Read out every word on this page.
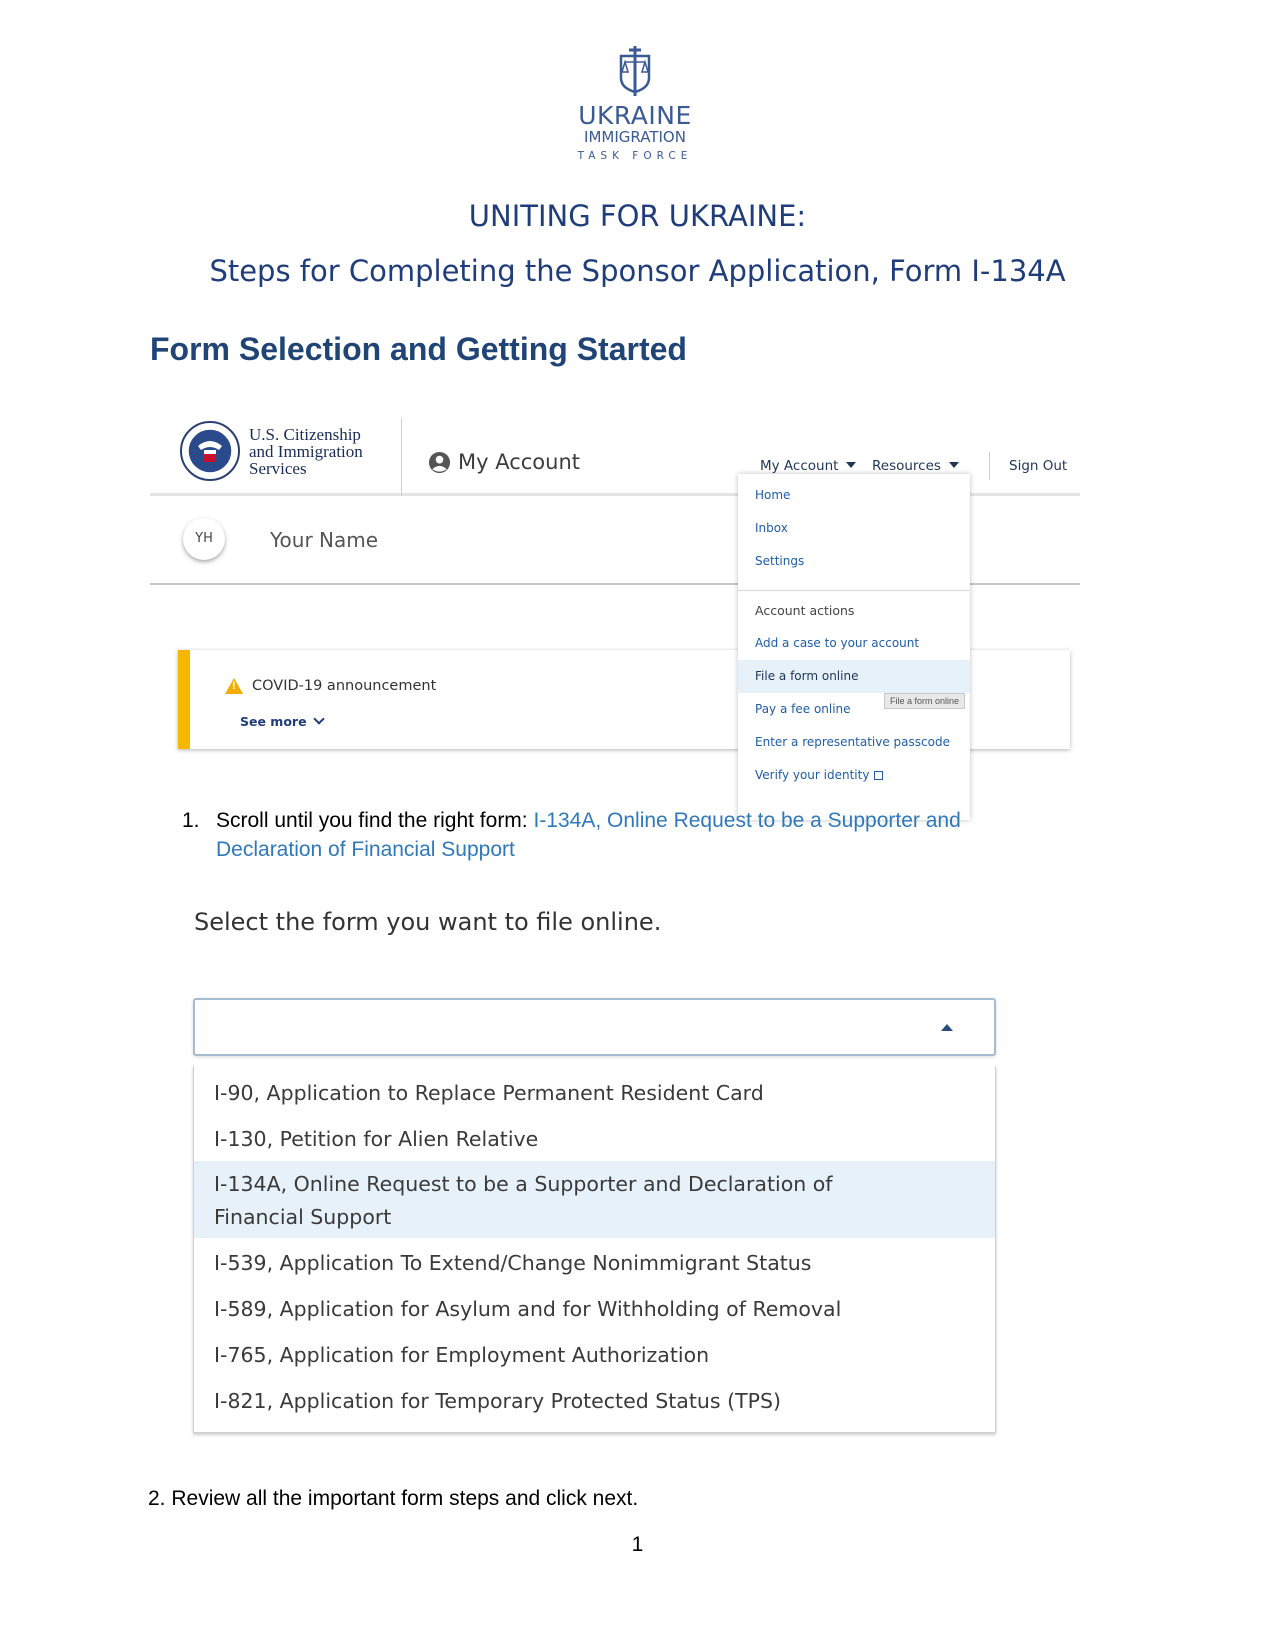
UKRAINE
IMMIGRATION
TASK FORCE
UNITING FOR UKRAINE:
Steps for Completing the Sponsor Application, Form I-134A
Form Selection and Getting Started
U.S. Citizenship
and Immigration
Services	My Account	My Account	Resources	Sign Out
YH	Your Name
!
COVID-19 announcement
See more
Home
Inbox
Settings
Account actions
Add a case to your account
File a form online
Pay a fee online
File a form online
Enter a representative passcode
Verify your identity
1. Scroll until you find the right form: I-134A, Online Request to be a Supporter and Declaration of Financial Support
Select the form you want to file online.
I-90, Application to Replace Permanent Resident Card
I-130, Petition for Alien Relative
I-134A, Online Request to be a Supporter and Declaration of Financial Support
I-539, Application To Extend/Change Nonimmigrant Status
I-589, Application for Asylum and for Withholding of Removal
I-765, Application for Employment Authorization
I-821, Application for Temporary Protected Status (TPS)
2. Review all the important form steps and click next.
1
